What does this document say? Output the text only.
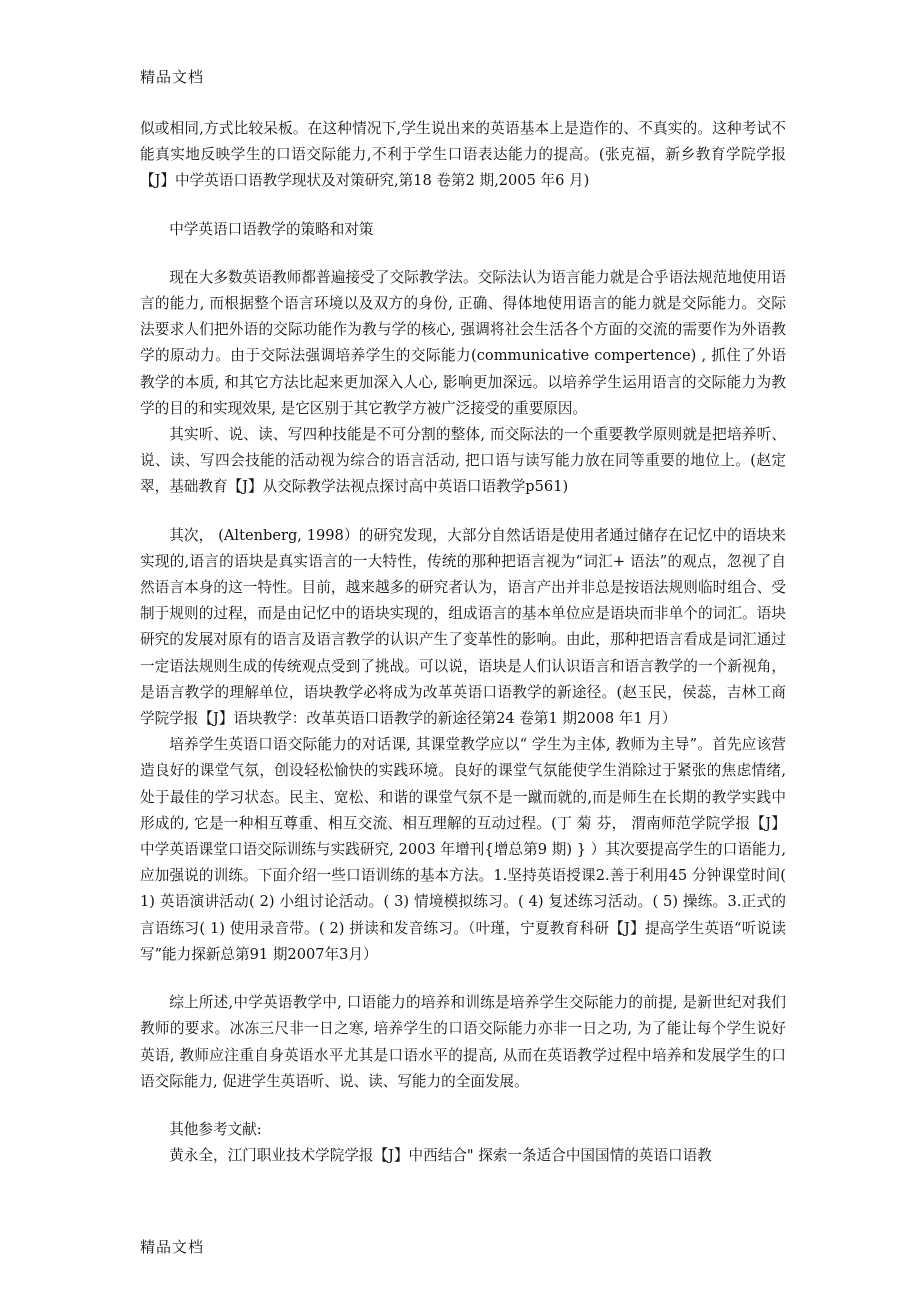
精品文档

似或相同,方式比较呆板。在这种情况下,学生说出来的英语基本上是造作的、不真实的。这种考试不能真实地反映学生的口语交际能力,不利于学生口语表达能力的提高。(张克福，新乡教育学院学报【J】中学英语口语教学现状及对策研究,第18 卷第2 期,2005 年6 月)

中学英语口语教学的策略和对策

现在大多数英语教师都普遍接受了交际教学法。交际法认为语言能力就是合乎语法规范地使用语言的能力, 而根据整个语言环境以及双方的身份, 正确、得体地使用语言的能力就是交际能力。交际法要求人们把外语的交际功能作为教与学的核心, 强调将社会生活各个方面的交流的需要作为外语教学的原动力。由于交际法强调培养学生的交际能力(communicative compertence) , 抓住了外语教学的本质, 和其它方法比起来更加深入人心, 影响更加深远。以培养学生运用语言的交际能力为教学的目的和实现效果, 是它区别于其它教学方被广泛接受的重要原因。

其实听、说、读、写四种技能是不可分割的整体, 而交际法的一个重要教学原则就是把培养听、说、读、写四会技能的活动视为综合的语言活动, 把口语与读写能力放在同等重要的地位上。(赵定翠，基础教育【J】从交际教学法视点探讨高中英语口语教学p561)

其次， (Altenberg, 1998）的研究发现，大部分自然话语是使用者通过储存在记忆中的语块来实现的,语言的语块是真实语言的一大特性，传统的那种把语言视为“词汇+ 语法”的观点，忽视了自然语言本身的这一特性。目前，越来越多的研究者认为，语言产出并非总是按语法规则临时组合、受制于规则的过程，而是由记忆中的语块实现的，组成语言的基本单位应是语块而非单个的词汇。语块研究的发展对原有的语言及语言教学的认识产生了变革性的影响。由此，那种把语言看成是词汇通过一定语法规则生成的传统观点受到了挑战。可以说，语块是人们认识语言和语言教学的一个新视角，是语言教学的理解单位，语块教学必将成为改革英语口语教学的新途径。(赵玉民，侯蕊，吉林工商学院学报【J】语块教学：改革英语口语教学的新途径第24 卷第1 期2008 年1 月）

培养学生英语口语交际能力的对话课, 其课堂教学应以“ 学生为主体, 教师为主导”。首先应该营造良好的课堂气氛，创设轻松愉快的实践环境。良好的课堂气氛能使学生消除过于紧张的焦虑情绪, 处于最佳的学习状态。民主、宽松、和谐的课堂气氛不是一蹴而就的,而是师生在长期的教学实践中形成的, 它是一种相互尊重、相互交流、相互理解的互动过程。(丁 菊 芬， 渭南师范学院学报【J】中学英语课堂口语交际训练与实践研究, 2003 年增刊{增总第9 期) } ）其次要提高学生的口语能力, 应加强说的训练。下面介绍一些口语训练的基本方法。1.坚持英语授课2.善于利用45 分钟课堂时间( 1) 英语演讲活动( 2) 小组讨论活动。( 3) 情境模拟练习。( 4) 复述练习活动。( 5) 操练。3.正式的言语练习( 1) 使用录音带。( 2) 拼读和发音练习。（叶瑾，宁夏教育科研【J】提高学生英语“听说读写”能力探新总第91 期2007年3月）

综上所述,中学英语教学中, 口语能力的培养和训练是培养学生交际能力的前提, 是新世纪对我们教师的要求。冰冻三尺非一日之寒, 培养学生的口语交际能力亦非一日之功, 为了能让每个学生说好英语, 教师应注重自身英语水平尤其是口语水平的提高, 从而在英语教学过程中培养和发展学生的口语交际能力, 促进学生英语听、说、读、写能力的全面发展。

其他参考文献:

黄永全，江门职业技术学院学报【J】中西结合" 探索一条适合中国国情的英语口语教

精品文档
